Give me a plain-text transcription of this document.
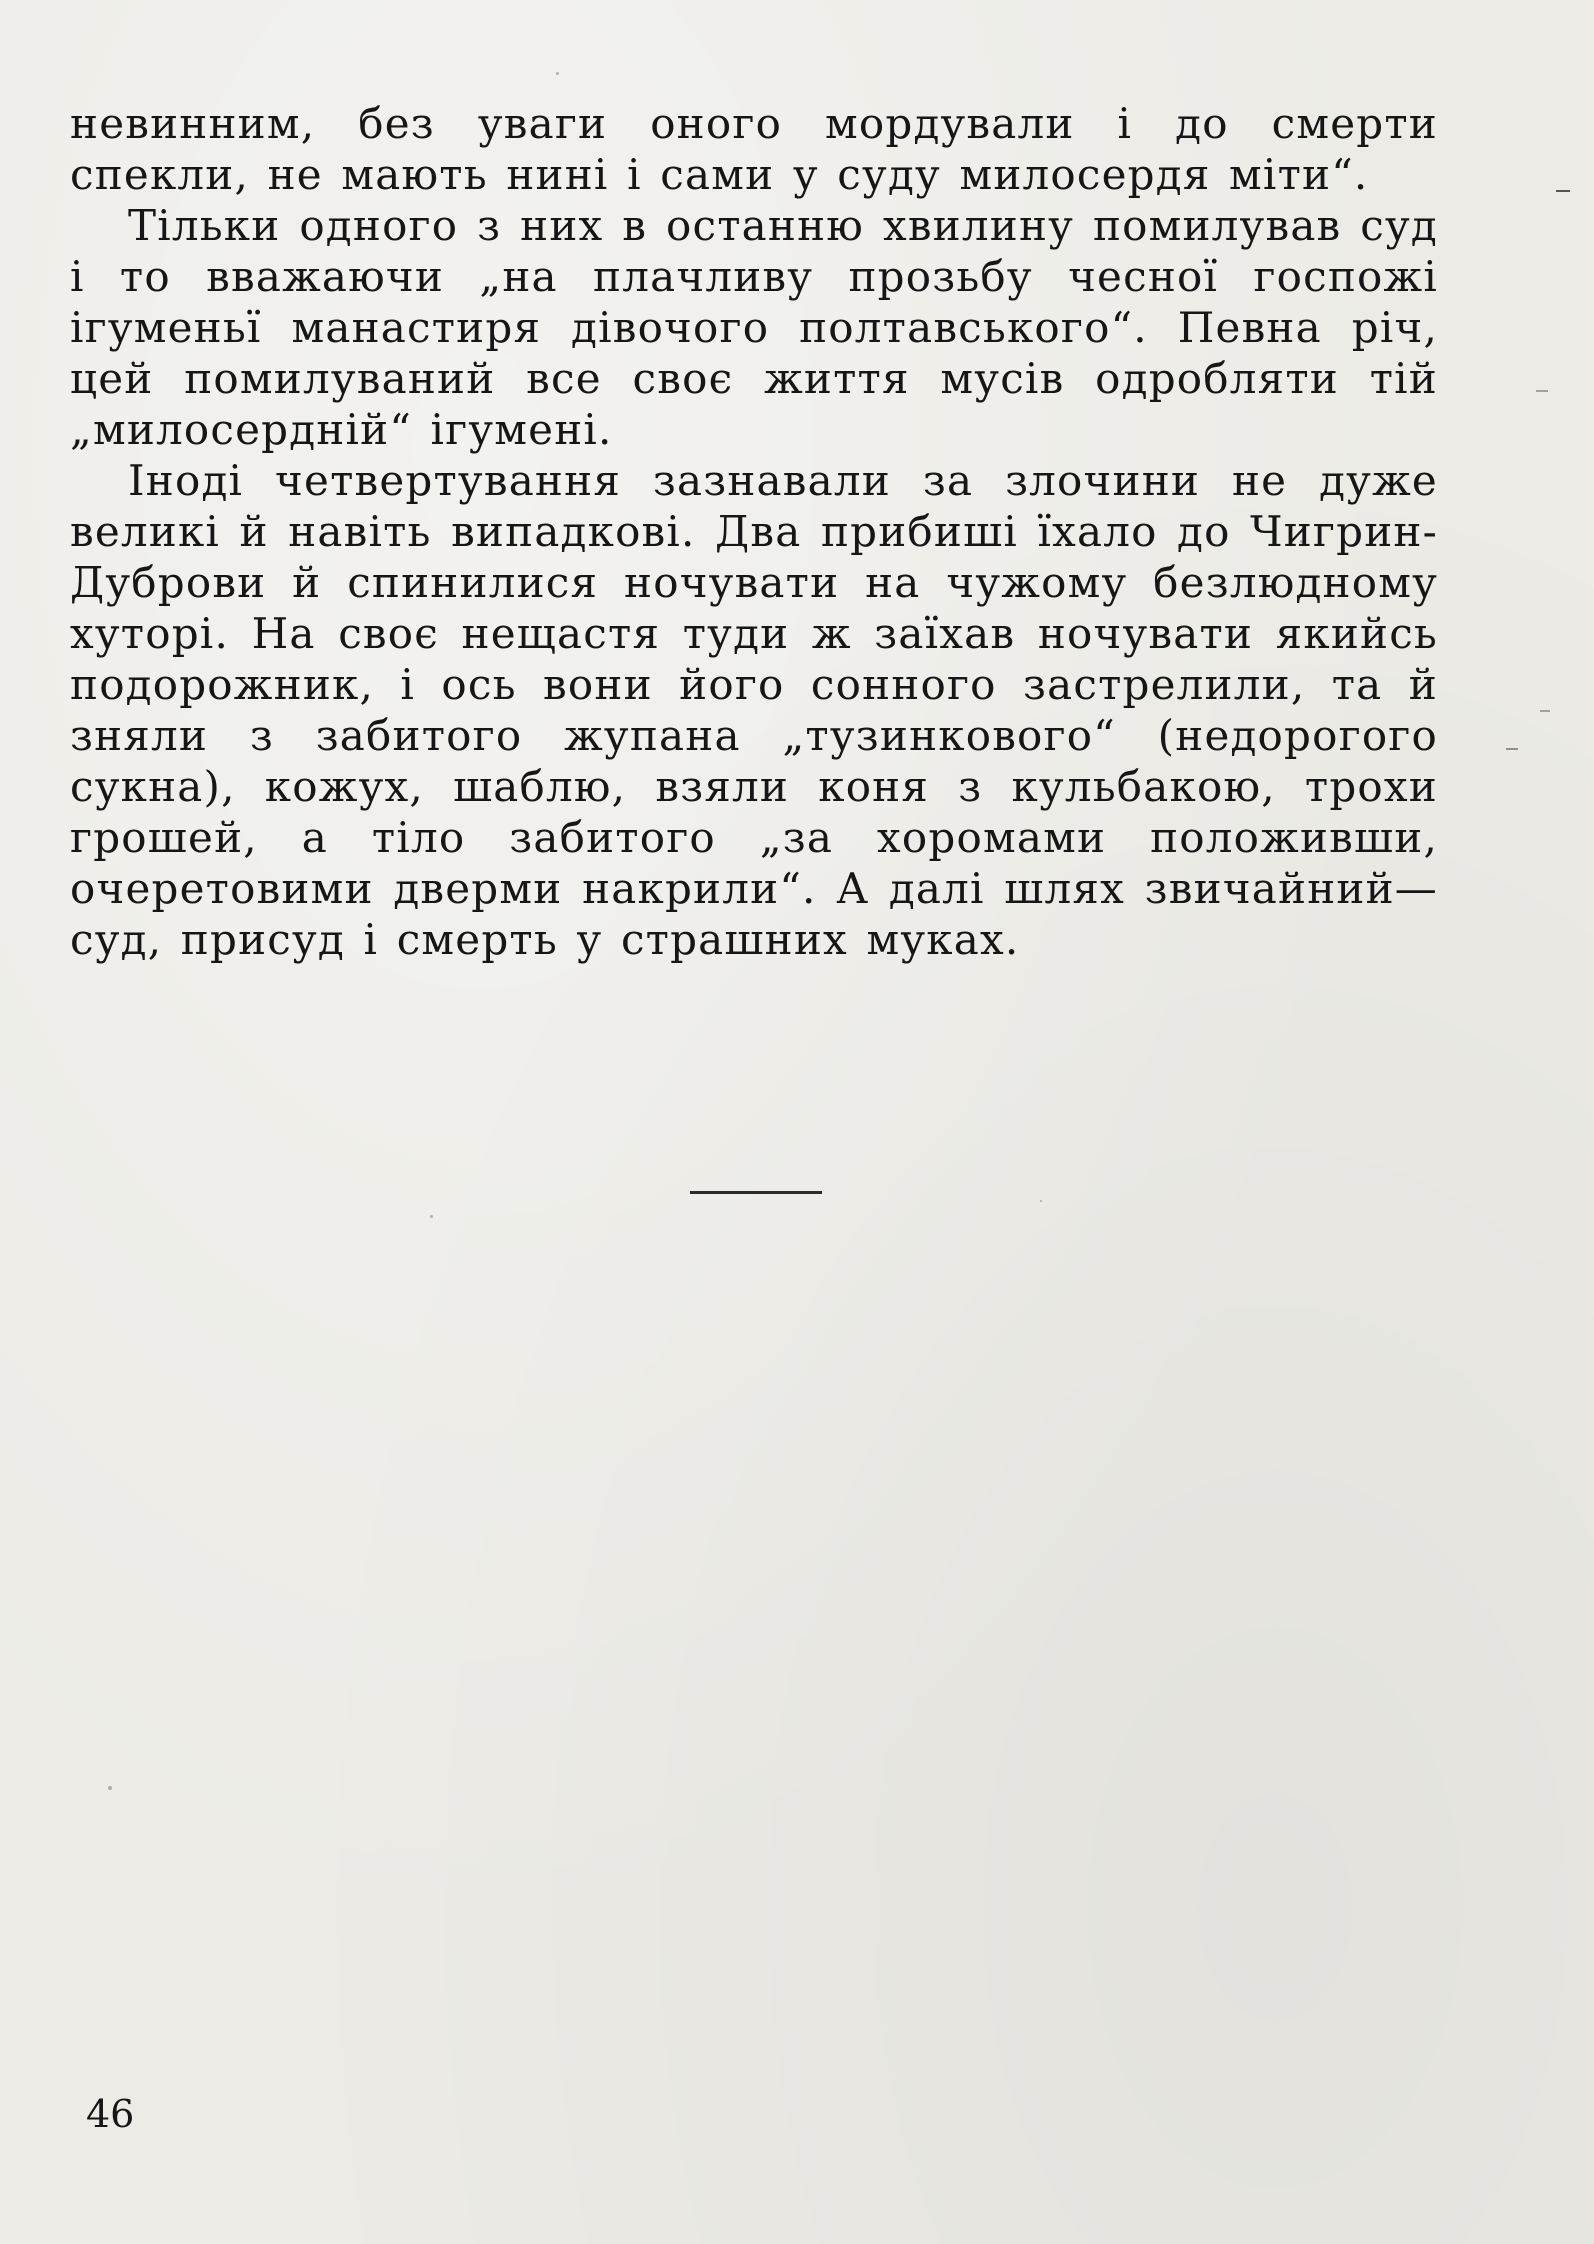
невинним, без уваги оного мордували і до смерти спекли, не мають нині і сами у суду милосердя міти“.

Тільки одного з них в останню хвилину помилував суд і то вважаючи „на плачливу прозьбу чесної госпожі ігуменьї манастиря дівочого полтавського“. Певна річ, цей помилуваний все своє життя мусів одробляти тій „милосердній“ ігумені.

Іноді четвертування зазнавали за злочини не дуже великі й навіть випадкові. Два прибиші їхало до Чигрин-Дуброви й спинилися ночувати на чужому безлюдному хуторі. На своє нещастя туди ж заїхав ночувати якийсь подорожник, і ось вони його сонного застрелили, та й зняли з забитого жупана „тузинкового“ (недорогого сукна), кожух, шаблю, взяли коня з кульбакою, трохи грошей, а тіло забитого „за хоромами положивши, очеретовими дверми накрили“. А далі шлях звичайний—суд, присуд і смерть у страшних муках.

46
